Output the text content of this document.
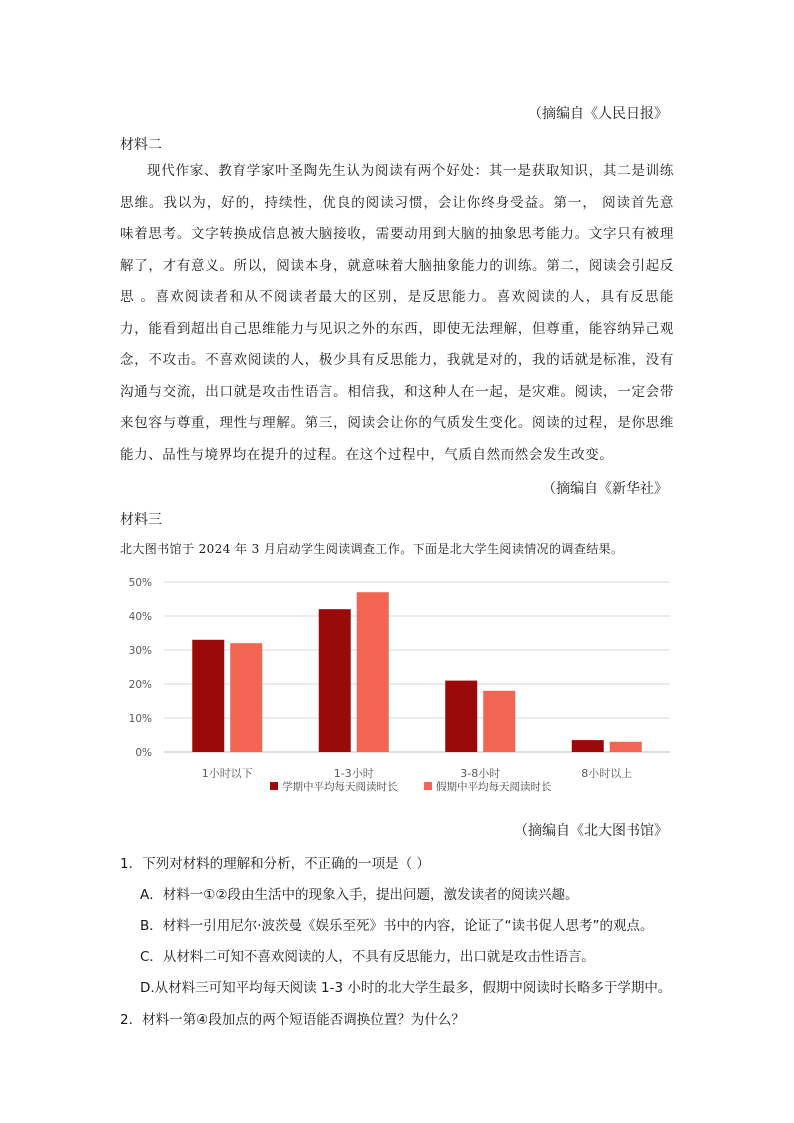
（摘编自《人民日报》
材料二

现代作家、教育学家叶圣陶先生认为阅读有两个好处：其一是获取知识，其二是训练思维。我以为，好的，持续性，优良的阅读习惯，会让你终身受益。第一， 阅读首先意味着思考。文字转换成信息被大脑接收，需要动用到大脑的抽象思考能力。文字只有被理解了，才有意义。所以，阅读本身，就意味着大脑抽象能力的训练。第二，阅读会引起反思 。喜欢阅读者和从不阅读者最大的区别，是反思能力。喜欢阅读的人，具有反思能力，能看到超出自己思维能力与见识之外的东西，即使无法理解，但尊重，能容纳异己观念，不攻击。不喜欢阅读的人，极少具有反思能力，我就是对的，我的话就是标准，没有沟通与交流，出口就是攻击性语言。相信我，和这种人在一起，是灾难。阅读，一定会带来包容与尊重，理性与理解。第三，阅读会让你的气质发生变化。阅读的过程，是你思维能力、品性与境界均在提升的过程。在这个过程中，气质自然而然会发生改变。

（摘编自《新华社》
材料三
北大图书馆于 2024 年 3 月启动学生阅读调查工作。下面是北大学生阅读情况的调查结果。
0%
10%
20%
30%
40%
50%
1小时以下	1-3小时	3-8小时	8小时以上
学期中平均每天阅读时长	假期中平均每天阅读时长
（摘编自《北大图书馆》
1．下列对材料的理解和分析，不正确的一项是（ ）
A．材料一①②段由生活中的现象入手，提出问题，激发读者的阅读兴趣。
B．材料一引用尼尔·波茨曼《娱乐至死》书中的内容，论证了“读书促人思考”的观点。
C．从材料二可知不喜欢阅读的人，不具有反思能力，出口就是攻击性语言。
D.从材料三可知平均每天阅读 1-3 小时的北大学生最多，假期中阅读时长略多于学期中。
2．材料一第④段加点的两个短语能否调换位置？为什么？
